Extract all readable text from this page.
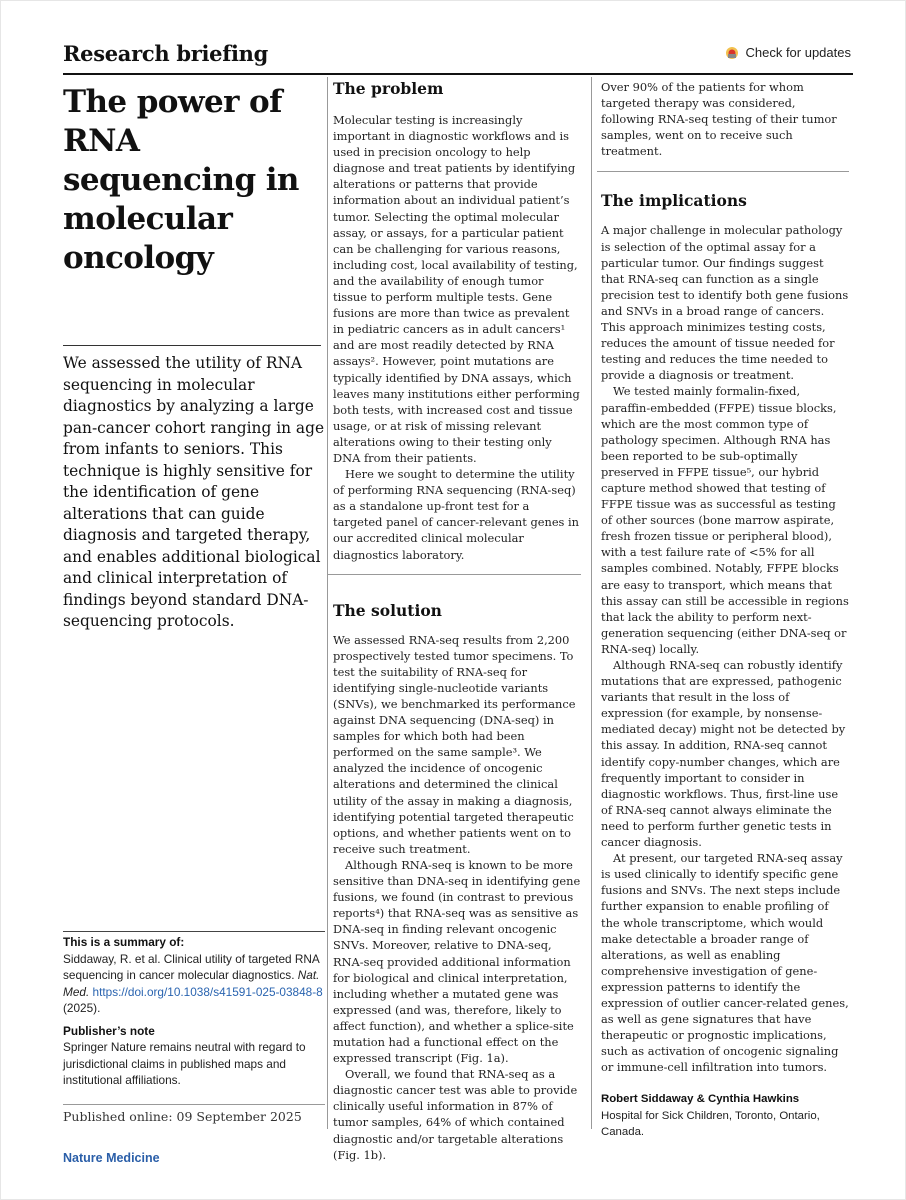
Research briefing	Check for updates
The power of RNA sequencing in molecular oncology

We assessed the utility of RNA sequencing in molecular diagnostics by analyzing a large pan-cancer cohort ranging in age from infants to seniors. This technique is highly sensitive for the identification of gene alterations that can guide diagnosis and targeted therapy, and enables additional biological and clinical interpretation of findings beyond standard DNA-sequencing protocols.

This is a summary of:
Siddaway, R. et al. Clinical utility of targeted RNA sequencing in cancer molecular diagnostics. Nat. Med. https://doi.org/10.1038/s41591-025-03848-8 (2025).
Publisher’s note
Springer Nature remains neutral with regard to jurisdictional claims in published maps and institutional affiliations.
Published online: 09 September 2025
Nature Medicine
The problem

Molecular testing is increasingly important in diagnostic workflows and is used in precision oncology to help diagnose and treat patients by identifying alterations or patterns that provide information about an individual patient’s tumor. Selecting the optimal molecular assay, or assays, for a particular patient can be challenging for various reasons, including cost, local availability of testing, and the availability of enough tumor tissue to perform multiple tests. Gene fusions are more than twice as prevalent in pediatric cancers as in adult cancers¹ and are most readily detected by RNA assays². However, point mutations are typically identified by DNA assays, which leaves many institutions either performing both tests, with increased cost and tissue usage, or at risk of missing relevant alterations owing to their testing only DNA from their patients.

Here we sought to determine the utility of performing RNA sequencing (RNA-seq) as a standalone up-front test for a targeted panel of cancer-relevant genes in our accredited clinical molecular diagnostics laboratory.

The solution

We assessed RNA-seq results from 2,200 prospectively tested tumor specimens. To test the suitability of RNA-seq for identifying single-nucleotide variants (SNVs), we benchmarked its performance against DNA sequencing (DNA-seq) in samples for which both had been performed on the same sample³. We analyzed the incidence of oncogenic alterations and determined the clinical utility of the assay in making a diagnosis, identifying potential targeted therapeutic options, and whether patients went on to receive such treatment.

Although RNA-seq is known to be more sensitive than DNA-seq in identifying gene fusions, we found (in contrast to previous reports⁴) that RNA-seq was as sensitive as DNA-seq in finding relevant oncogenic SNVs. Moreover, relative to DNA-seq, RNA-seq provided additional information for biological and clinical interpretation, including whether a mutated gene was expressed (and was, therefore, likely to affect function), and whether a splice-site mutation had a functional effect on the expressed transcript (Fig. 1a).

Overall, we found that RNA-seq as a diagnostic cancer test was able to provide clinically useful information in 87% of tumor samples, 64% of which contained diagnostic and/or targetable alterations (Fig. 1b).

Over 90% of the patients for whom targeted therapy was considered, following RNA-seq testing of their tumor samples, went on to receive such treatment.

The implications

A major challenge in molecular pathology is selection of the optimal assay for a particular tumor. Our findings suggest that RNA-seq can function as a single precision test to identify both gene fusions and SNVs in a broad range of cancers. This approach minimizes testing costs, reduces the amount of tissue needed for testing and reduces the time needed to provide a diagnosis or treatment.

We tested mainly formalin-fixed, paraffin-embedded (FFPE) tissue blocks, which are the most common type of pathology specimen. Although RNA has been reported to be sub-optimally preserved in FFPE tissue⁵, our hybrid capture method showed that testing of FFPE tissue was as successful as testing of other sources (bone marrow aspirate, fresh frozen tissue or peripheral blood), with a test failure rate of <5% for all samples combined. Notably, FFPE blocks are easy to transport, which means that this assay can still be accessible in regions that lack the ability to perform next-generation sequencing (either DNA-seq or RNA-seq) locally.

Although RNA-seq can robustly identify mutations that are expressed, pathogenic variants that result in the loss of expression (for example, by nonsense-mediated decay) might not be detected by this assay. In addition, RNA-seq cannot identify copy-number changes, which are frequently important to consider in diagnostic workflows. Thus, first-line use of RNA-seq cannot always eliminate the need to perform further genetic tests in cancer diagnosis.

At present, our targeted RNA-seq assay is used clinically to identify specific gene fusions and SNVs. The next steps include further expansion to enable profiling of the whole transcriptome, which would make detectable a broader range of alterations, as well as enabling comprehensive investigation of gene-expression patterns to identify the expression of outlier cancer-related genes, as well as gene signatures that have therapeutic or prognostic implications, such as activation of oncogenic signaling or immune-cell infiltration into tumors.

Robert Siddaway & Cynthia Hawkins
Hospital for Sick Children, Toronto, Ontario, Canada.
